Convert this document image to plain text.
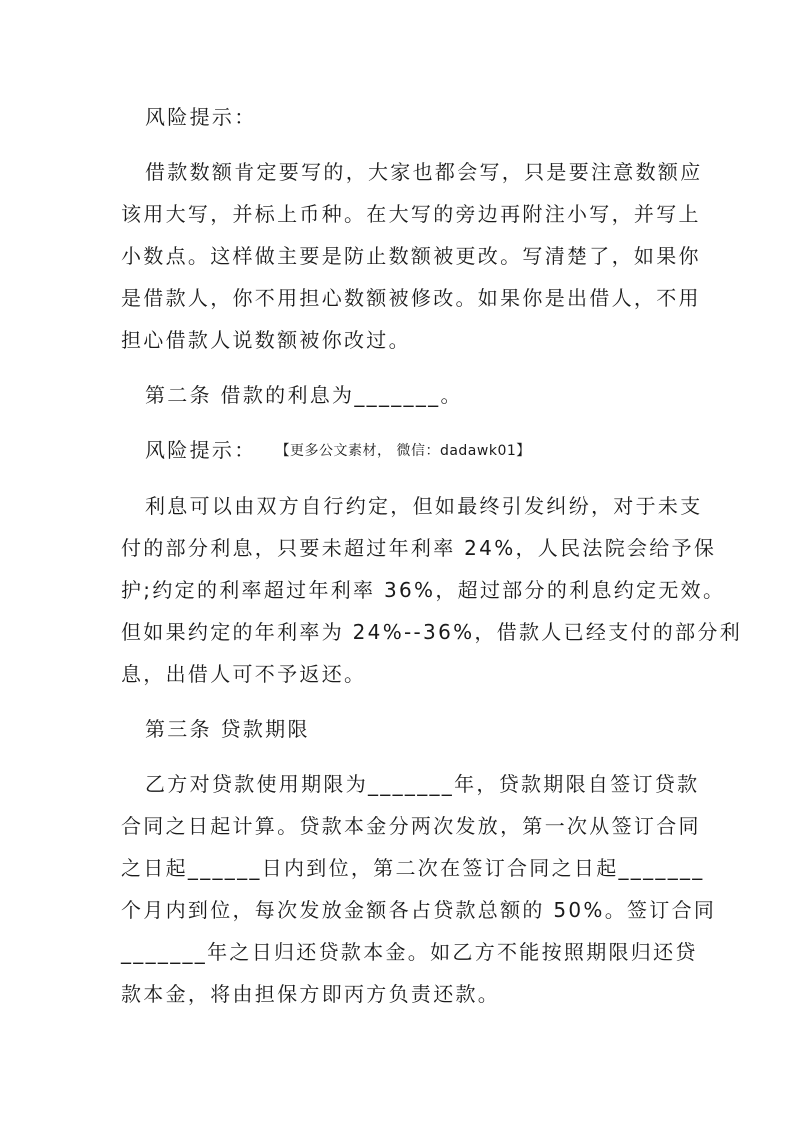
风险提示：
借款数额肯定要写的，大家也都会写，只是要注意数额应
该用大写，并标上币种。在大写的旁边再附注小写，并写上
小数点。这样做主要是防止数额被更改。写清楚了，如果你
是借款人，你不用担心数额被修改。如果你是出借人，不用
担心借款人说数额被你改过。
第二条 借款的利息为_______。
风险提示： 【更多公文素材， 微信：dadawk01】
利息可以由双方自行约定，但如最终引发纠纷，对于未支
付的部分利息，只要未超过年利率 24%，人民法院会给予保
护;约定的利率超过年利率 36%，超过部分的利息约定无效。
但如果约定的年利率为 24%--36%，借款人已经支付的部分利
息，出借人可不予返还。
第三条 贷款期限
乙方对贷款使用期限为_______年，贷款期限自签订贷款
合同之日起计算。贷款本金分两次发放，第一次从签订合同
之日起______日内到位，第二次在签订合同之日起_______
个月内到位，每次发放金额各占贷款总额的 50%。签订合同
_______年之日归还贷款本金。如乙方不能按照期限归还贷
款本金，将由担保方即丙方负责还款。
